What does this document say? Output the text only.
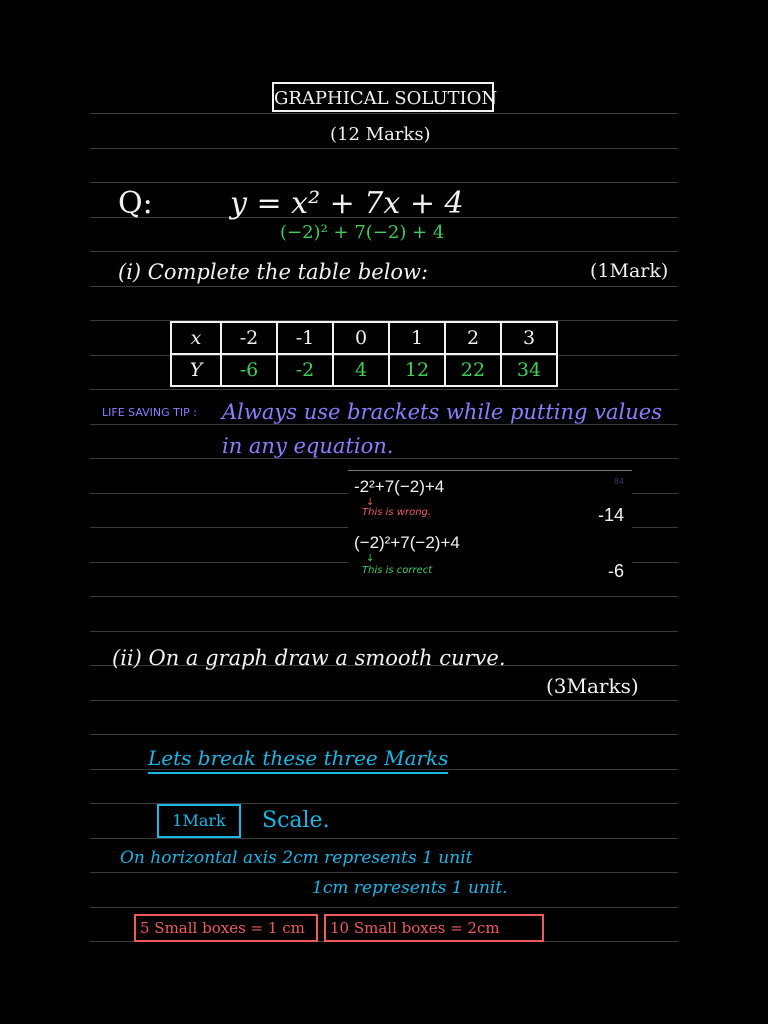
GRAPHICAL SOLUTION
(12 Marks)
Q:	y = x² + 7x + 4
(−2)² + 7(−2) + 4
(i) Complete the table below:	(1Mark)
x	-2	-1	0	1	2	3
Y	-6	-2	4	12	22	34
LIFE SAVING TIP : Always use brackets while putting values
in any equation.
84
-2²+7(−2)+4
↓
This is wrong.	-14
(−2)²+7(−2)+4
↓
This is correct	-6
(ii) On a graph draw a smooth curve.
(3Marks)
Lets break these three Marks
1Mark	Scale.
On horizontal axis 2cm represents 1 unit
1cm represents 1 unit.
5 Small boxes = 1 cm	10 Small boxes = 2cm
